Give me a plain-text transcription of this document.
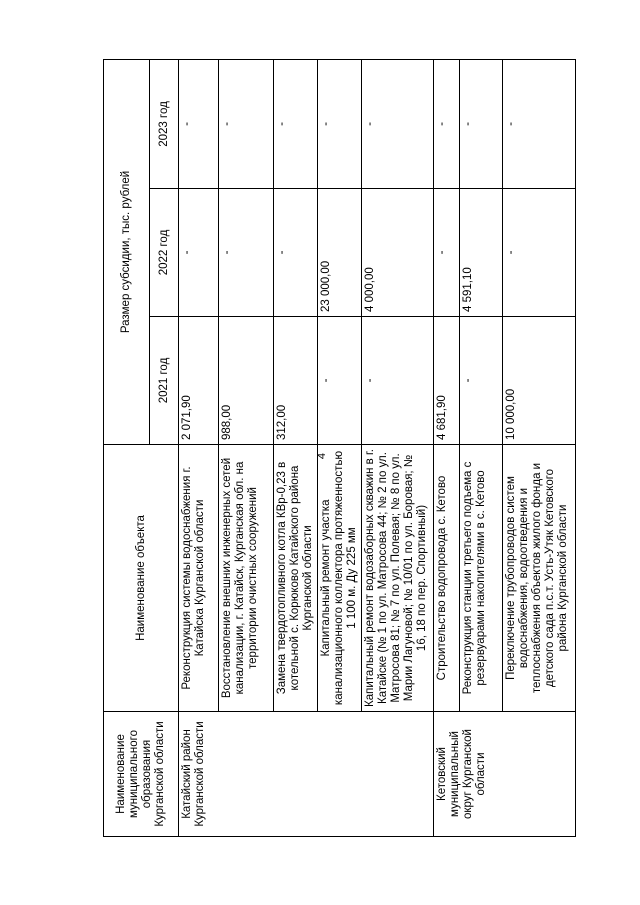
4
Наименование муниципального образования Курганской области	Наименование объекта	Размер субсидии, тыс. рублей		
		2021 год	2022 год	2023 год
Катайский район Курганской области	Реконструкция системы водоснабжения г. Катайска Курганской области	2 071,90	-	-
	Восстановление внешних инженерных сетей канализации, г. Катайск, Курганская обл. на территории очистных сооружений	988,00	-	-
	Замена твердотопливного котла КВр-0,23 в котельной с. Корюково Катайского района Курганской области	312,00	-	-
	Капитальный ремонт участка канализационного коллектора протяженностью 1 100 м. Ду 225 мм	-	23 000,00	-
	Капитальный ремонт водозаборных скважин в г. Катайске (№ 1 по ул. Матросова 44; № 2 по ул. Матросова 81; № 7 по ул. Полевая; № 8 по ул. Марии Лагуновой; № 10/01 по ул. Боровая; № 16, 18 по пер. Спортивный)	-	4 000,00	-
Кетовский муниципальный округ Курганской области	Строительство водопровода с. Кетово	4 681,90	-	-
	Реконструкция станции третьего подъема с резервуарами накопителями в с. Кетово	-	4 591,10	-
	Переключение трубопроводов систем водоснабжения, водоотведения и теплоснабжения объектов жилого фонда и детского сада п.с.т. Усть-Утяк Кетовского района Курганской области	10 000,00	-	-
